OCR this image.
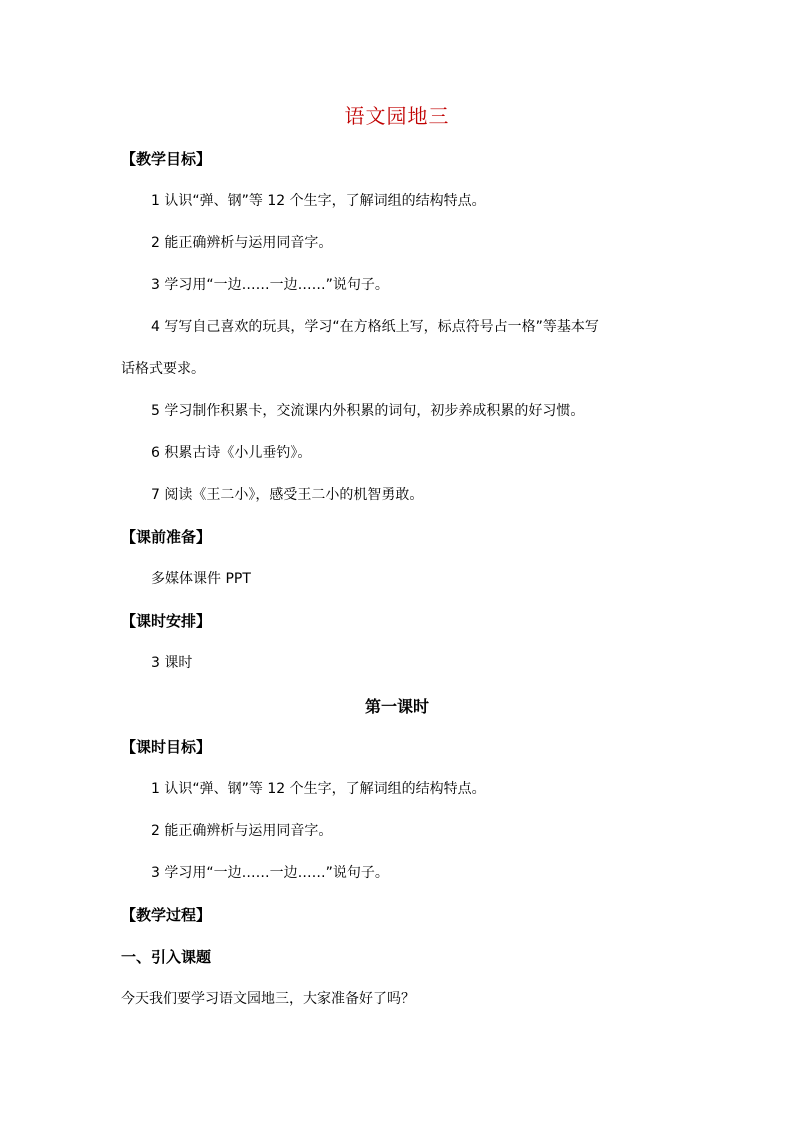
语文园地三
【教学目标】
1 认识“弹、钢”等 12 个生字，了解词组的结构特点。
2 能正确辨析与运用同音字。
3 学习用“一边……一边……”说句子。
4 写写自己喜欢的玩具，学习“在方格纸上写，标点符号占一格”等基本写
话格式要求。
5 学习制作积累卡，交流课内外积累的词句，初步养成积累的好习惯。
6 积累古诗《小儿垂钓》。
7 阅读《王二小》，感受王二小的机智勇敢。
【课前准备】
多媒体课件 PPT
【课时安排】
3 课时
第一课时
【课时目标】
1 认识“弹、钢”等 12 个生字，了解词组的结构特点。
2 能正确辨析与运用同音字。
3 学习用“一边……一边……”说句子。
【教学过程】
一、引入课题
今天我们要学习语文园地三，大家准备好了吗？
